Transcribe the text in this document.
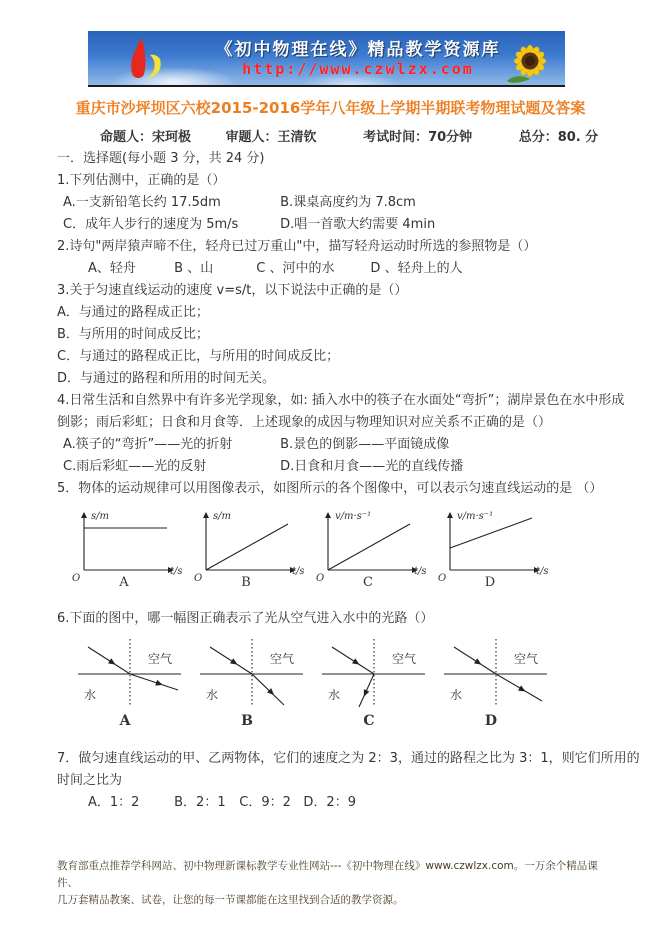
《初中物理在线》精品教学资源库
http://www.czwlzx.com
重庆市沙坪坝区六校2015-2016学年八年级上学期半期联考物理试题及答案
命题人：宋珂极	审题人：王清钦	考试时间：70分钟	总分：80. 分
一．选择题(每小题 3 分，共 24 分)
1.下列估测中，正确的是（）
A.一支新铅笔长约 17.5dm	B.课桌高度约为 7.8cm
C．成年人步行的速度为 5m/s	D.唱一首歌大约需要 4min
2.诗句"两岸猿声啼不住，轻舟已过万重山"中，描写轻舟运动时所选的参照物是（）
A、轻舟	B 、山	C 、河中的水	D 、轻舟上的人
3.关于匀速直线运动的速度 v=s/t，以下说法中正确的是（）
A．与通过的路程成正比；
B．与所用的时间成反比；
C．与通过的路程成正比，与所用的时间成反比；
D．与通过的路程和所用的时间无关。
4.日常生活和自然界中有许多光学现象，如: 插入水中的筷子在水面处“弯折”；湖岸景色在水中形成
倒影；雨后彩虹；日食和月食等．上述现象的成因与物理知识对应关系不正确的是（）
A.筷子的“弯折”——光的折射	B.景色的倒影——平面镜成像
C.雨后彩虹——光的反射	D.日食和月食——光的直线传播
5．物体的运动规律可以用图像表示，如图所示的各个图像中，可以表示匀速直线运动的是 （）
s/m
t/s
O	A
s/m
t/s
O	B
v/m·s⁻¹
t/s
O	C
v/m·s⁻¹
t/s
O	D
6.下面的图中，哪一幅图正确表示了光从空气进入水中的光路（）
空气
水
A
空气
水
B
空气
水
C
空气
水
D
7．做匀速直线运动的甲、乙两物体，它们的速度之为 2：3，通过的路程之比为 3：1，则它们所用的
时间之比为
A．1：2	B．2：1 C．9：2 D．2：9
教育部重点推荐学科网站、初中物理新课标教学专业性网站---《初中物理在线》www.czwlzx.com。一万余个精品课件、
几万套精品教案、试卷，让您的每一节课都能在这里找到合适的教学资源。
